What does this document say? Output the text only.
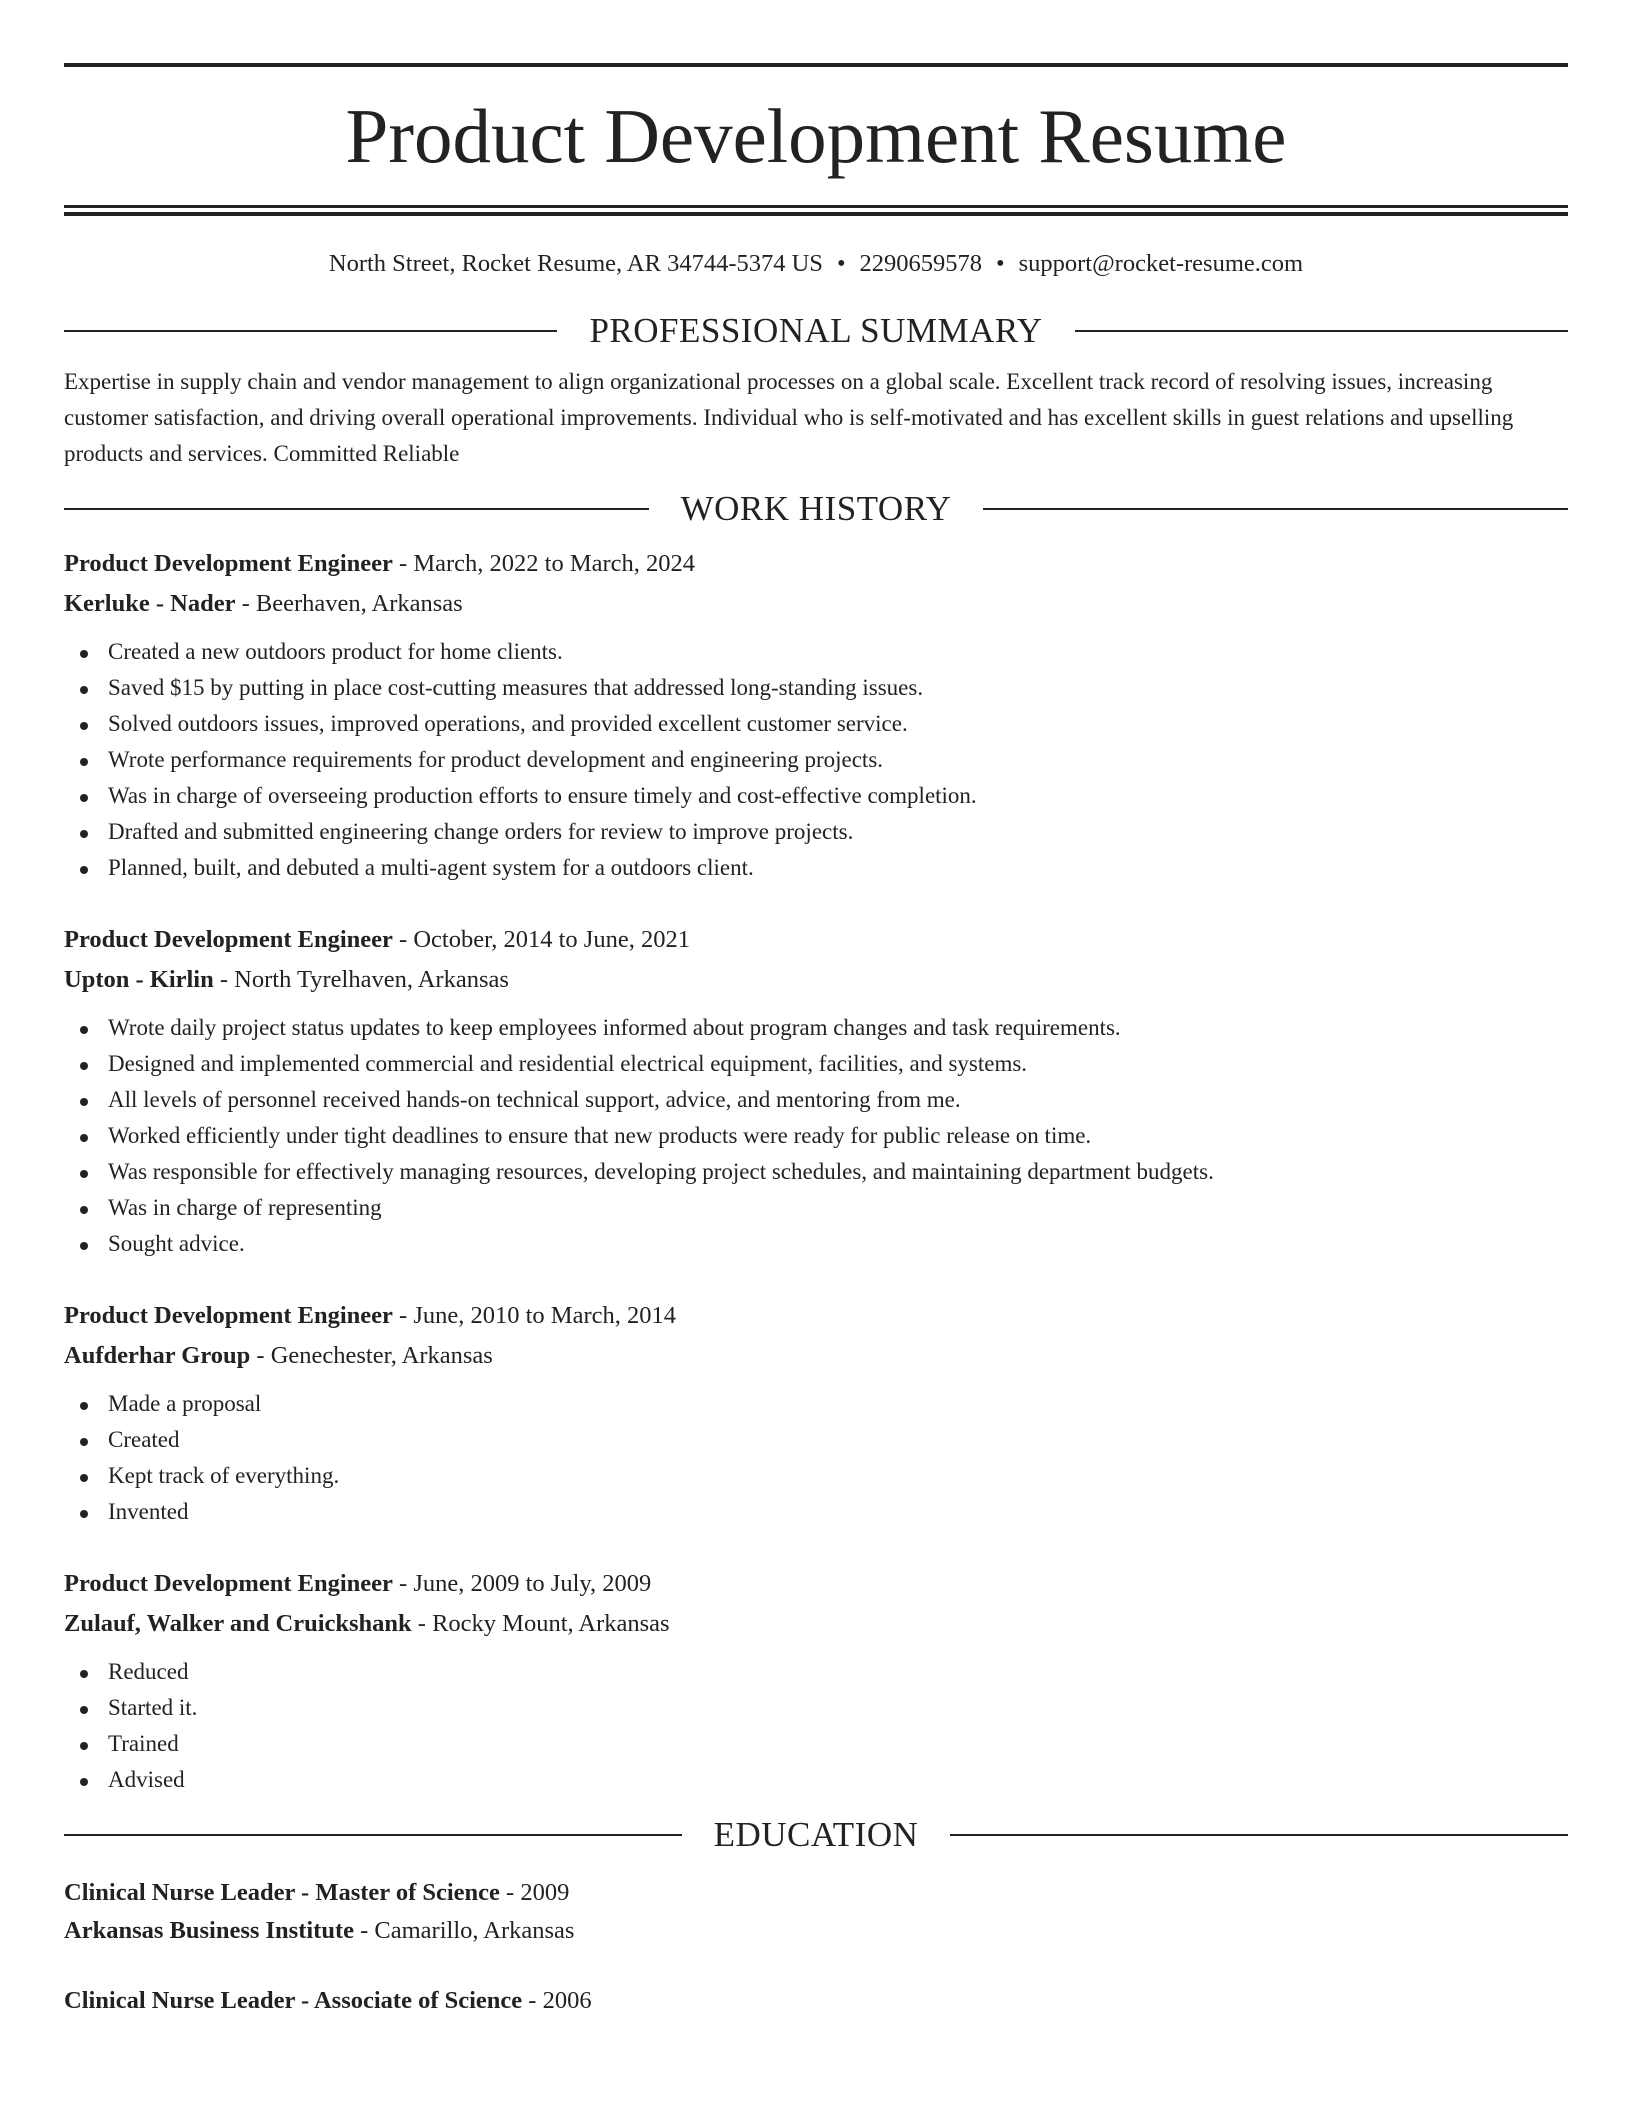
Product Development Resume
North Street, Rocket Resume, AR 34744-5374 US • 2290659578 • support@rocket-resume.com
PROFESSIONAL SUMMARY

Expertise in supply chain and vendor management to align organizational processes on a global scale. Excellent track record of resolving issues, increasing customer satisfaction, and driving overall operational improvements. Individual who is self-motivated and has excellent skills in guest relations and upselling products and services. Committed Reliable

WORK HISTORY
Product Development Engineer - March, 2022 to March, 2024
Kerluke - Nader - Beerhaven, Arkansas
Created a new outdoors product for home clients.
Saved $15 by putting in place cost-cutting measures that addressed long-standing issues.
Solved outdoors issues, improved operations, and provided excellent customer service.
Wrote performance requirements for product development and engineering projects.
Was in charge of overseeing production efforts to ensure timely and cost-effective completion.
Drafted and submitted engineering change orders for review to improve projects.
Planned, built, and debuted a multi-agent system for a outdoors client.
Product Development Engineer - October, 2014 to June, 2021
Upton - Kirlin - North Tyrelhaven, Arkansas
Wrote daily project status updates to keep employees informed about program changes and task requirements.
Designed and implemented commercial and residential electrical equipment, facilities, and systems.
All levels of personnel received hands-on technical support, advice, and mentoring from me.
Worked efficiently under tight deadlines to ensure that new products were ready for public release on time.
Was responsible for effectively managing resources, developing project schedules, and maintaining department budgets.
Was in charge of representing
Sought advice.
Product Development Engineer - June, 2010 to March, 2014
Aufderhar Group - Genechester, Arkansas
Made a proposal
Created
Kept track of everything.
Invented
Product Development Engineer - June, 2009 to July, 2009
Zulauf, Walker and Cruickshank - Rocky Mount, Arkansas
Reduced
Started it.
Trained
Advised
EDUCATION
Clinical Nurse Leader - Master of Science - 2009
Arkansas Business Institute - Camarillo, Arkansas
Clinical Nurse Leader - Associate of Science - 2006
